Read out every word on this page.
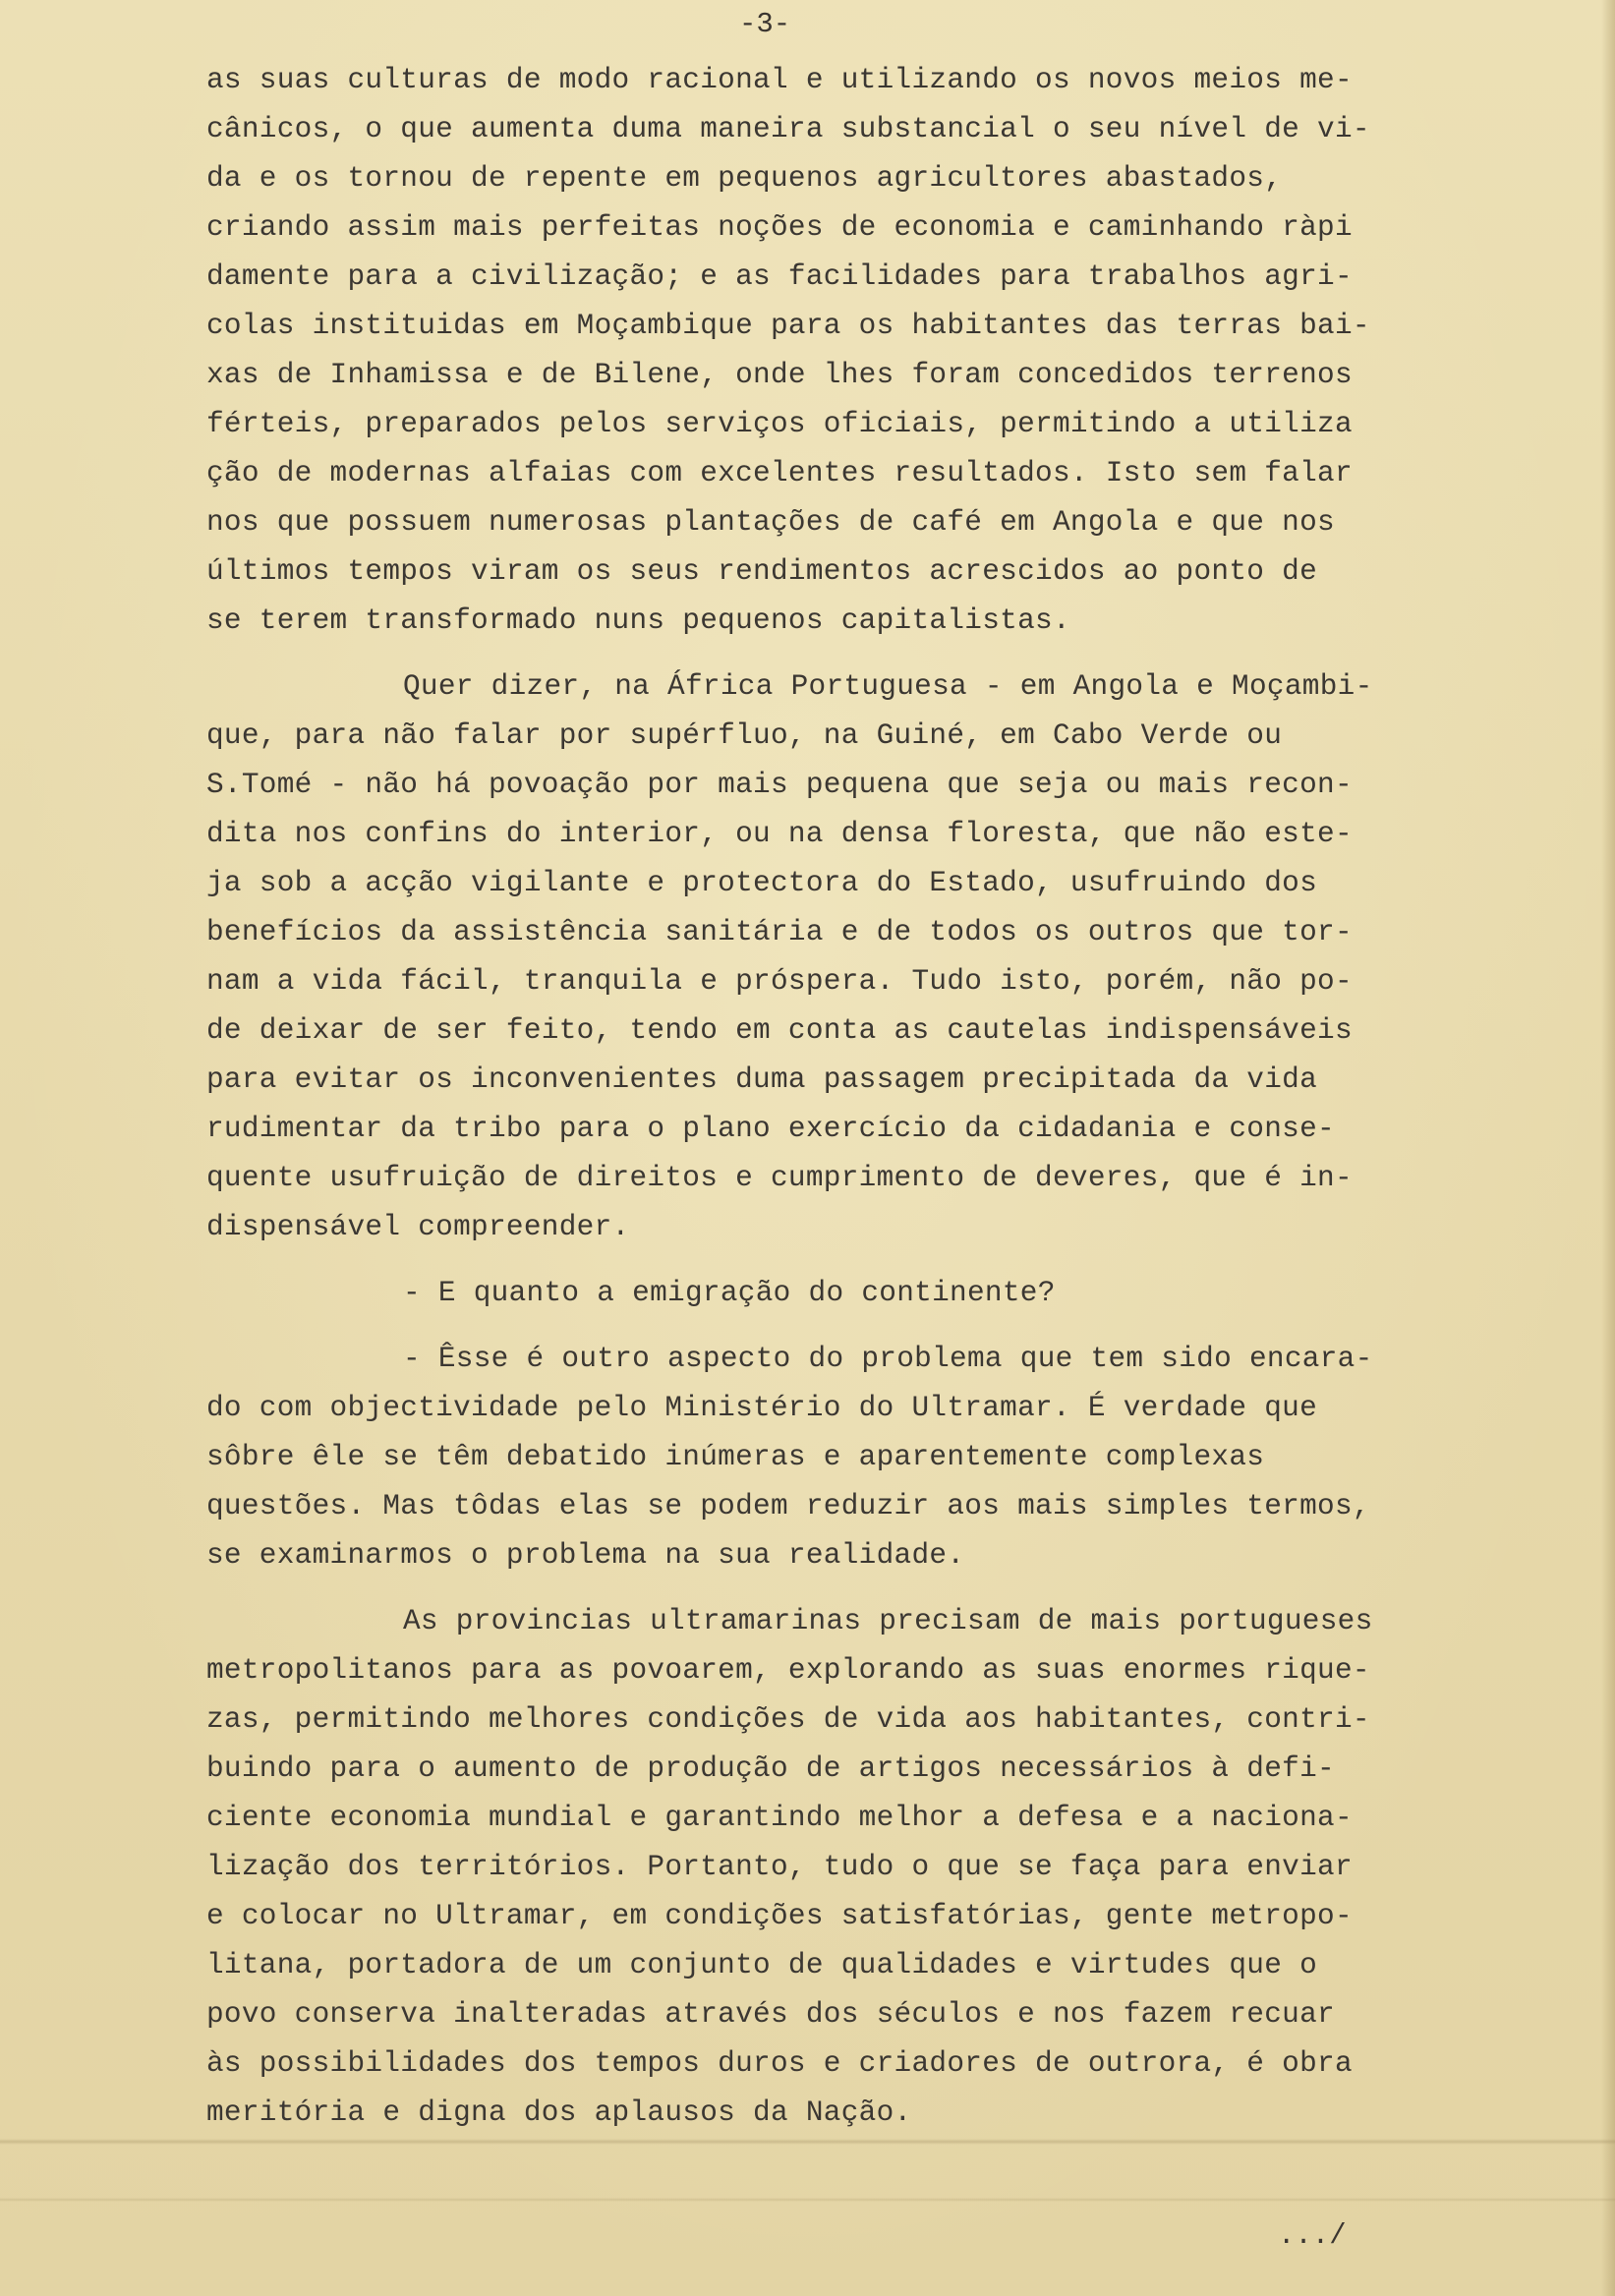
-3-
as suas culturas de modo racional e utilizando os novos meios me-
cânicos, o que aumenta duma maneira substancial o seu nível de vi-
da e os tornou de repente em pequenos agricultores abastados,
criando assim mais perfeitas noções de economia e caminhando ràpi
damente para a civilização; e as facilidades para trabalhos agri-
colas instituidas em Moçambique para os habitantes das terras bai-
xas de Inhamissa e de Bilene, onde lhes foram concedidos terrenos
férteis, preparados pelos serviços oficiais, permitindo a utiliza
ção de modernas alfaias com excelentes resultados. Isto sem falar
nos que possuem numerosas plantações de café em Angola e que nos
últimos tempos viram os seus rendimentos acrescidos ao ponto de
se terem transformado nuns pequenos capitalistas.
Quer dizer, na África Portuguesa - em Angola e Moçambi-
que, para não falar por supérfluo, na Guiné, em Cabo Verde ou
S.Tomé - não há povoação por mais pequena que seja ou mais recon-
dita nos confins do interior, ou na densa floresta, que não este-
ja sob a acção vigilante e protectora do Estado, usufruindo dos
benefícios da assistência sanitária e de todos os outros que tor-
nam a vida fácil, tranquila e próspera. Tudo isto, porém, não po-
de deixar de ser feito, tendo em conta as cautelas indispensáveis
para evitar os inconvenientes duma passagem precipitada da vida
rudimentar da tribo para o plano exercício da cidadania e conse-
quente usufruição de direitos e cumprimento de deveres, que é in-
dispensável compreender.
- E quanto a emigração do continente?
- Êsse é outro aspecto do problema que tem sido encara-
do com objectividade pelo Ministério do Ultramar. É verdade que
sôbre êle se têm debatido inúmeras e aparentemente complexas
questões. Mas tôdas elas se podem reduzir aos mais simples termos,
se examinarmos o problema na sua realidade.
As provincias ultramarinas precisam de mais portugueses
metropolitanos para as povoarem, explorando as suas enormes rique-
zas, permitindo melhores condições de vida aos habitantes, contri-
buindo para o aumento de produção de artigos necessários à defi-
ciente economia mundial e garantindo melhor a defesa e a naciona-
lização dos territórios. Portanto, tudo o que se faça para enviar
e colocar no Ultramar, em condições satisfatórias, gente metropo-
litana, portadora de um conjunto de qualidades e virtudes que o
povo conserva inalteradas através dos séculos e nos fazem recuar
às possibilidades dos tempos duros e criadores de outrora, é obra
meritória e digna dos aplausos da Nação.
.../
